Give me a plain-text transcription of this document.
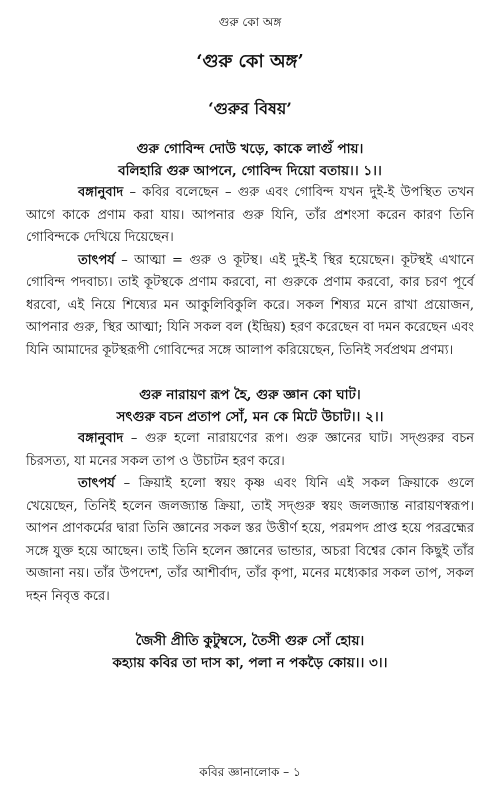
গুরু কো অঙ্গ
‘গুরু কো অঙ্গ’
‘গুরুর বিষয়’
গুরু গোবিন্দ দোউ খড়ে, কাকে লাগুঁ পায়।
বলিহারি গুরু আপনে, গোবিন্দ দিয়ো বতায়।। ১।।

বঙ্গানুবাদ – কবির বলেছেন – গুরু এবং গোবিন্দ যখন দুই-ই উপস্থিত তখন আগে কাকে প্রণাম করা যায়। আপনার গুরু যিনি, তাঁর প্রশংসা করেন কারণ তিনি গোবিন্দকে দেখিয়ে দিয়েছেন।

তাৎপর্য – আত্মা = গুরু ও কূটস্থ। এই দুই-ই স্থির হয়েছেন। কূটস্থই এখানে গোবিন্দ পদবাচ্য। তাই কূটস্থকে প্রণাম করবো, না গুরুকে প্রণাম করবো, কার চরণ পূর্বে ধরবো, এই নিয়ে শিষ্যের মন আকুলিবিকুলি করে। সকল শিষ্যর মনে রাখা প্রয়োজন, আপনার গুরু, স্থির আত্মা; যিনি সকল বল (ইন্দ্রিয়) হরণ করেছেন বা দমন করেছেন এবং যিনি আমাদের কূটস্থরূপী গোবিন্দের সঙ্গে আলাপ করিয়েছেন, তিনিই সর্বপ্রথম প্রণম্য।

গুরু নারায়ণ রূপ হৈ, গুরু জ্ঞান কো ঘাট।
সৎগুরু বচন প্রতাপ সোঁ, মন কে মিটে উচাট।। ২।।

বঙ্গানুবাদ – গুরু হলো নারায়ণের রূপ। গুরু জ্ঞানের ঘাট। সদ্‌গুরুর বচন চিরসত্য, যা মনের সকল তাপ ও উচাটন হরণ করে।

তাৎপর্য – ক্রিয়াই হলো স্বয়ং কৃষ্ণ এবং যিনি এই সকল ক্রিয়াকে গুলে খেয়েছেন, তিনিই হলেন জলজ্যান্ত ক্রিয়া, তাই সদ্‌গুরু স্বয়ং জলজ্যান্ত নারায়ণস্বরূপ। আপন প্রাণকর্মের দ্বারা তিনি জ্ঞানের সকল স্তর উত্তীর্ণ হয়ে, পরমপদ প্রাপ্ত হয়ে পরব্রহ্মের সঙ্গে যুক্ত হয়ে আছেন। তাই তিনি হলেন জ্ঞানের ভান্ডার, অচরা বিশ্বের কোন কিছুই তাঁর অজানা নয়। তাঁর উপদেশ, তাঁর আশীর্বাদ, তাঁর কৃপা, মনের মধ্যেকার সকল তাপ, সকল দহন নিবৃত্ত করে।

জৈসী প্রীতি কুটুম্বসে, তৈসী গুরু সোঁ হোয়।
কহ্যায় কবির তা দাস কা, পলা ন পকড়ৈ কোয়।। ৩।।
কবির জ্ঞানালোক – ১
